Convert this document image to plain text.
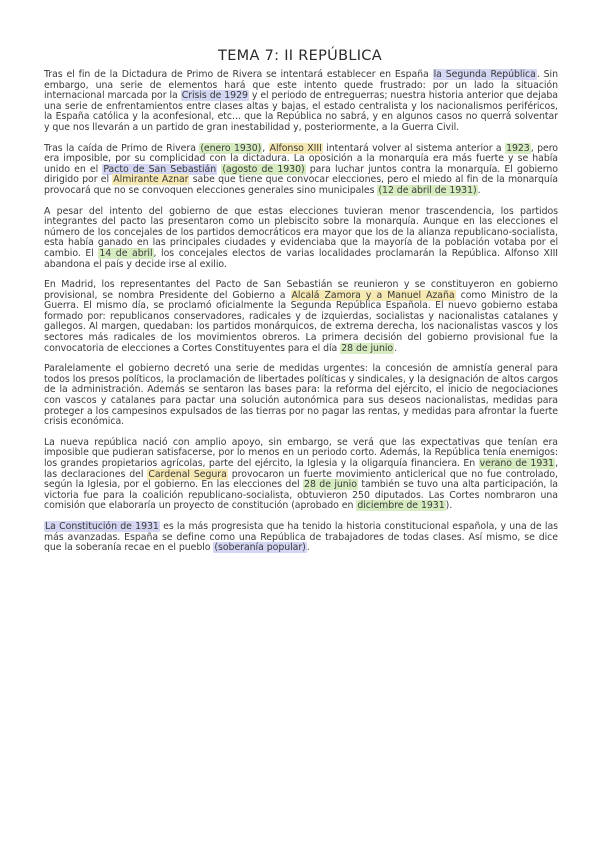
TEMA 7: II REPÚBLICA

Tras el fin de la Dictadura de Primo de Rivera se intentará establecer en España la Segunda República. Sin embargo, una serie de elementos hará que este intento quede frustrado: por un lado la situación internacional marcada por la Crisis de 1929 y el periodo de entreguerras; nuestra historia anterior que dejaba una serie de enfrentamientos entre clases altas y bajas, el estado centralista y los nacionalismos periféricos, la España católica y la aconfesional, etc... que la República no sabrá, y en algunos casos no querrá solventar y que nos llevarán a un partido de gran inestabilidad y, posteriormente, a la Guerra Civil.

Tras la caída de Primo de Rivera (enero 1930), Alfonso XIII intentará volver al sistema anterior a 1923, pero era imposible, por su complicidad con la dictadura. La oposición a la monarquía era más fuerte y se había unido en el Pacto de San Sebastián (agosto de 1930) para luchar juntos contra la monarquía. El gobierno dirigido por el Almirante Aznar sabe que tiene que convocar elecciones, pero el miedo al fin de la monarquía provocará que no se convoquen elecciones generales sino municipales (12 de abril de 1931).

A pesar del intento del gobierno de que estas elecciones tuvieran menor trascendencia, los partidos integrantes del pacto las presentaron como un plebiscito sobre la monarquía. Aunque en las elecciones el número de los concejales de los partidos democráticos era mayor que los de la alianza republicano-socialista, esta había ganado en las principales ciudades y evidenciaba que la mayoría de la población votaba por el cambio. El 14 de abril, los concejales electos de varias localidades proclamarán la República. Alfonso XIII abandona el país y decide irse al exilio.

En Madrid, los representantes del Pacto de San Sebastián se reunieron y se constituyeron en gobierno provisional, se nombra Presidente del Gobierno a Alcalá Zamora y a Manuel Azaña como Ministro de la Guerra. El mismo día, se proclamó oficialmente la Segunda República Española. El nuevo gobierno estaba formado por: republicanos conservadores, radicales y de izquierdas, socialistas y nacionalistas catalanes y gallegos. Al margen, quedaban: los partidos monárquicos, de extrema derecha, los nacionalistas vascos y los sectores más radicales de los movimientos obreros. La primera decisión del gobierno provisional fue la convocatoria de elecciones a Cortes Constituyentes para el día 28 de junio.

Paralelamente el gobierno decretó una serie de medidas urgentes: la concesión de amnistía general para todos los presos políticos, la proclamación de libertades políticas y sindicales, y la designación de altos cargos de la administración. Además se sentaron las bases para: la reforma del ejército, el inicio de negociaciones con vascos y catalanes para pactar una solución autonómica para sus deseos nacionalistas, medidas para proteger a los campesinos expulsados de las tierras por no pagar las rentas, y medidas para afrontar la fuerte crisis económica.

La nueva república nació con amplio apoyo, sin embargo, se verá que las expectativas que tenían era imposible que pudieran satisfacerse, por lo menos en un periodo corto. Además, la República tenía enemigos: los grandes propietarios agrícolas, parte del ejército, la Iglesia y la oligarquía financiera. En verano de 1931, las declaraciones del Cardenal Segura provocaron un fuerte movimiento anticlerical que no fue controlado, según la Iglesia, por el gobierno. En las elecciones del 28 de junio también se tuvo una alta participación, la victoria fue para la coalición republicano-socialista, obtuvieron 250 diputados. Las Cortes nombraron una comisión que elaboraría un proyecto de constitución (aprobado en diciembre de 1931).

La Constitución de 1931 es la más progresista que ha tenido la historia constitucional española, y una de las más avanzadas. España se define como una República de trabajadores de todas clases. Así mismo, se dice que la soberanía recae en el pueblo (soberanía popular).
